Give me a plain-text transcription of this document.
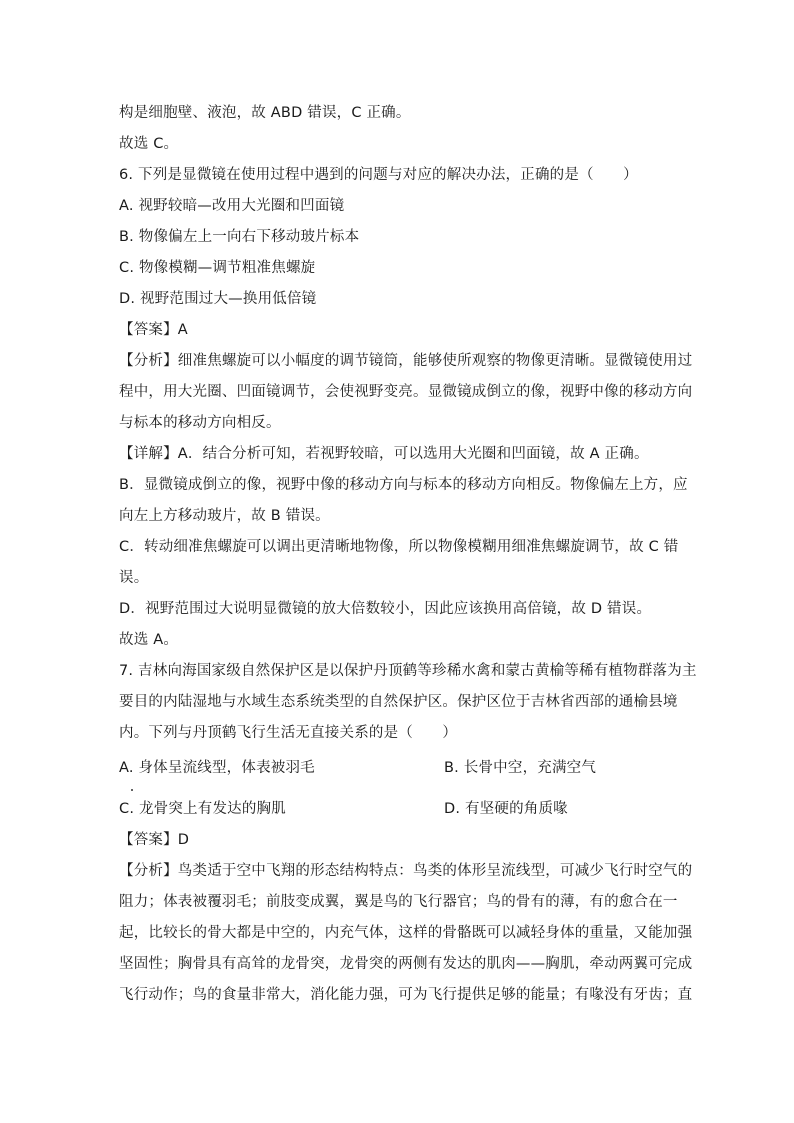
构是细胞壁、液泡，故 ABD 错误，C 正确。
故选 C。
6. 下列是显微镜在使用过程中遇到的问题与对应的解决办法，正确的是（　　）
A. 视野较暗—改用大光圈和凹面镜
B. 物像偏左上一向右下移动玻片标本
C. 物像模糊—调节粗准焦螺旋
D. 视野范围过大—换用低倍镜
【答案】A
【分析】细准焦螺旋可以小幅度的调节镜筒，能够使所观察的物像更清晰。显微镜使用过
程中，用大光圈、凹面镜调节，会使视野变亮。显微镜成倒立的像，视野中像的移动方向
与标本的移动方向相反。
【详解】A．结合分析可知，若视野较暗，可以选用大光圈和凹面镜，故 A 正确。
B．显微镜成倒立的像，视野中像的移动方向与标本的移动方向相反。物像偏左上方，应
向左上方移动玻片，故 B 错误。
C．转动细准焦螺旋可以调出更清晰地物像，所以物像模糊用细准焦螺旋调节，故 C 错
误。
D．视野范围过大说明显微镜的放大倍数较小，因此应该换用高倍镜，故 D 错误。
故选 A。
7. 吉林向海国家级自然保护区是以保护丹顶鹤等珍稀水禽和蒙古黄榆等稀有植物群落为主
要目的内陆湿地与水域生态系统类型的自然保护区。保护区位于吉林省西部的通榆县境
内。下列与丹顶鹤飞行生活无直接关系的是（　　）
A. 身体呈流线型，体表被羽毛	B. 长骨中空，充满空气
C. 龙骨突上有发达的胸肌	D. 有坚硬的角质喙
【答案】D
【分析】鸟类适于空中飞翔的形态结构特点：鸟类的体形呈流线型，可减少飞行时空气的
阻力；体表被覆羽毛；前肢变成翼，翼是鸟的飞行器官；鸟的骨有的薄，有的愈合在一
起，比较长的骨大都是中空的，内充气体，这样的骨骼既可以减轻身体的重量，又能加强
坚固性；胸骨具有高耸的龙骨突，龙骨突的两侧有发达的肌肉——胸肌，牵动两翼可完成
飞行动作；鸟的食量非常大，消化能力强，可为飞行提供足够的能量；有喙没有牙齿；直
